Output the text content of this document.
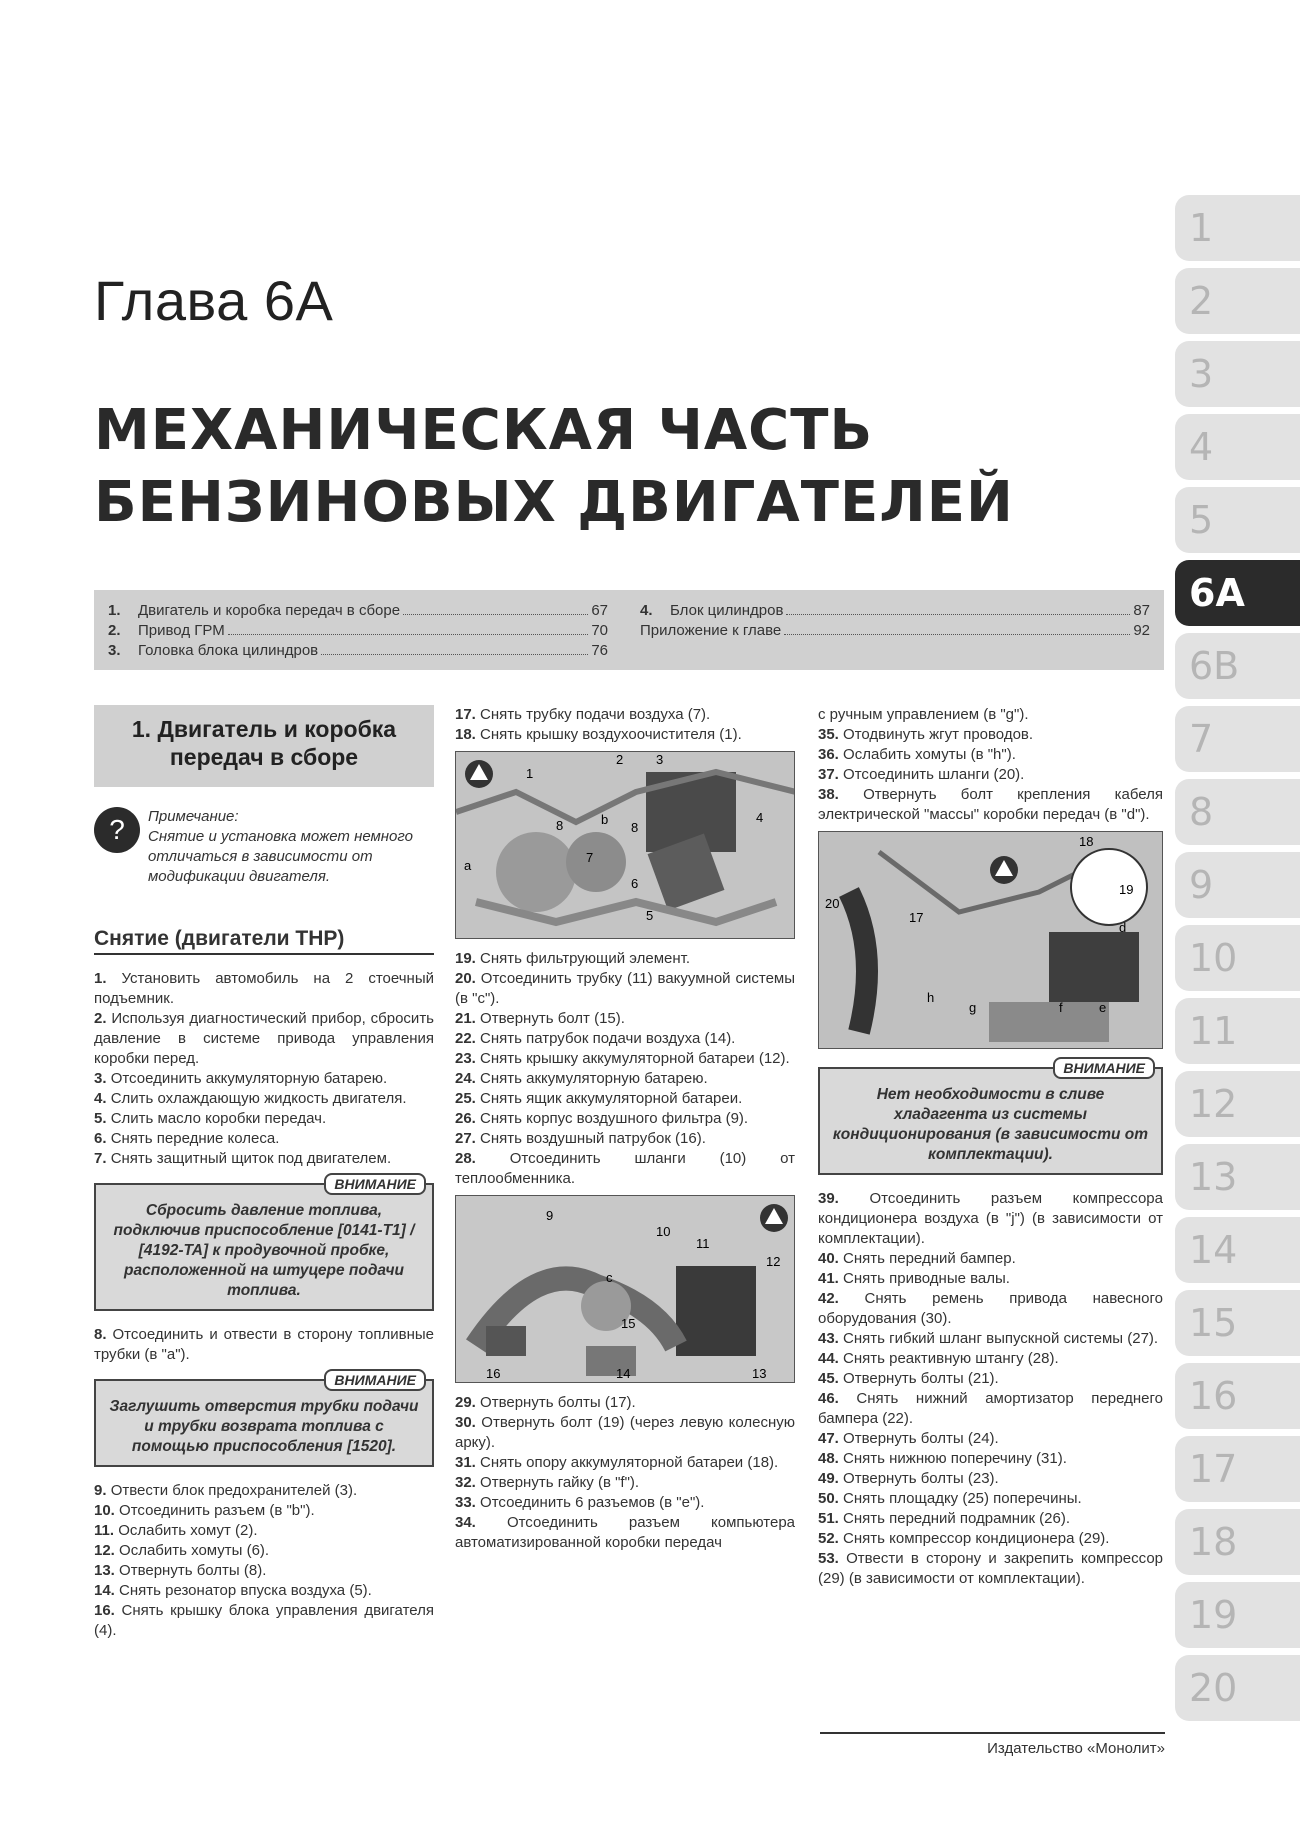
Глава 6А
МЕХАНИЧЕСКАЯ ЧАСТЬ
БЕНЗИНОВЫХ ДВИГАТЕЛЕЙ
1.	Двигатель и коробка передач в сборе	67
2.	Привод ГРМ	70
3.	Головка блока цилиндров	76
4.	Блок цилиндров	87
Приложение к главе	92
1
2
3
4
5
6А
6В
7
8
9
10
11
12
13
14
15
16
17
18
19
20
1. Двигатель и коробка передач в сборе
?	Примечание:
Снятие и установка может немного отличаться в зависимости от модификации двигателя.
Снятие (двигатели THP)
1. Установить автомобиль на 2 стоечный подъемник.
2. Используя диагностический прибор, сбросить давление в системе привода управления коробки перед.
3. Отсоединить аккумуляторную батарею.
4. Слить охлаждающую жидкость двигателя.
5. Слить масло коробки передач.
6. Снять передние колеса.
7. Снять защитный щиток под двигателем.
ВНИМАНИЕ
Сбросить давление топлива, подключив приспособление [0141-T1] / [4192-TA] к продувочной пробке, расположенной на штуцере подачи топлива.
8. Отсоединить и отвести в сторону топливные трубки (в "a").
ВНИМАНИЕ
Заглушить отверстия трубки подачи и трубки возврата топлива с помощью приспособления [1520].
9. Отвести блок предохранителей (3).
10. Отсоединить разъем (в "b").
11. Ослабить хомут (2).
12. Ослабить хомуты (6).
13. Отвернуть болты (8).
14. Снять резонатор впуска воздуха (5).
16. Снять крышку блока управления двигателя (4).
17. Снять трубку подачи воздуха (7).
18. Снять крышку воздухоочистителя (1).
1
2	3
4
5
6
7
8	8
a
b
19. Снять фильтрующий элемент.
20. Отсоединить трубку (11) вакуумной системы (в "c").
21. Отвернуть болт (15).
22. Снять патрубок подачи воздуха (14).
23. Снять крышку аккумуляторной батареи (12).
24. Снять аккумуляторную батарею.
25. Снять ящик аккумуляторной батареи.
26. Снять корпус воздушного фильтра (9).
27. Снять воздушный патрубок (16).
28. Отсоединить шланги (10) от теплообменника.
9
10
11
12
13
14
15
16
c
29. Отвернуть болты (17).
30. Отвернуть болт (19) (через левую колесную арку).
31. Снять опору аккумуляторной батареи (18).
32. Отвернуть гайку (в "f").
33. Отсоединить 6 разъемов (в "e").
34. Отсоединить разъем компьютера автоматизированной коробки передач
с ручным управлением (в "g").
35. Отодвинуть жгут проводов.
36. Ослабить хомуты (в "h").
37. Отсоединить шланги (20).
38. Отвернуть болт крепления кабеля электрической "массы" коробки передач (в "d").
17
18
19
20
d
e
f
g
h
ВНИМАНИЕ
Нет необходимости в сливе хладагента из системы кондиционирования (в зависимости от комплектации).
39. Отсоединить разъем компрессора кондиционера воздуха (в "j") (в зависимости от комплектации).
40. Снять передний бампер.
41. Снять приводные валы.
42. Снять ремень привода навесного оборудования (30).
43. Снять гибкий шланг выпускной системы (27).
44. Снять реактивную штангу (28).
45. Отвернуть болты (21).
46. Снять нижний амортизатор переднего бампера (22).
47. Отвернуть болты (24).
48. Снять нижнюю поперечину (31).
49. Отвернуть болты (23).
50. Снять площадку (25) поперечины.
51. Снять передний подрамник (26).
52. Снять компрессор кондиционера (29).
53. Отвести в сторону и закрепить компрессор (29) (в зависимости от комплектации).
Издательство «Монолит»
